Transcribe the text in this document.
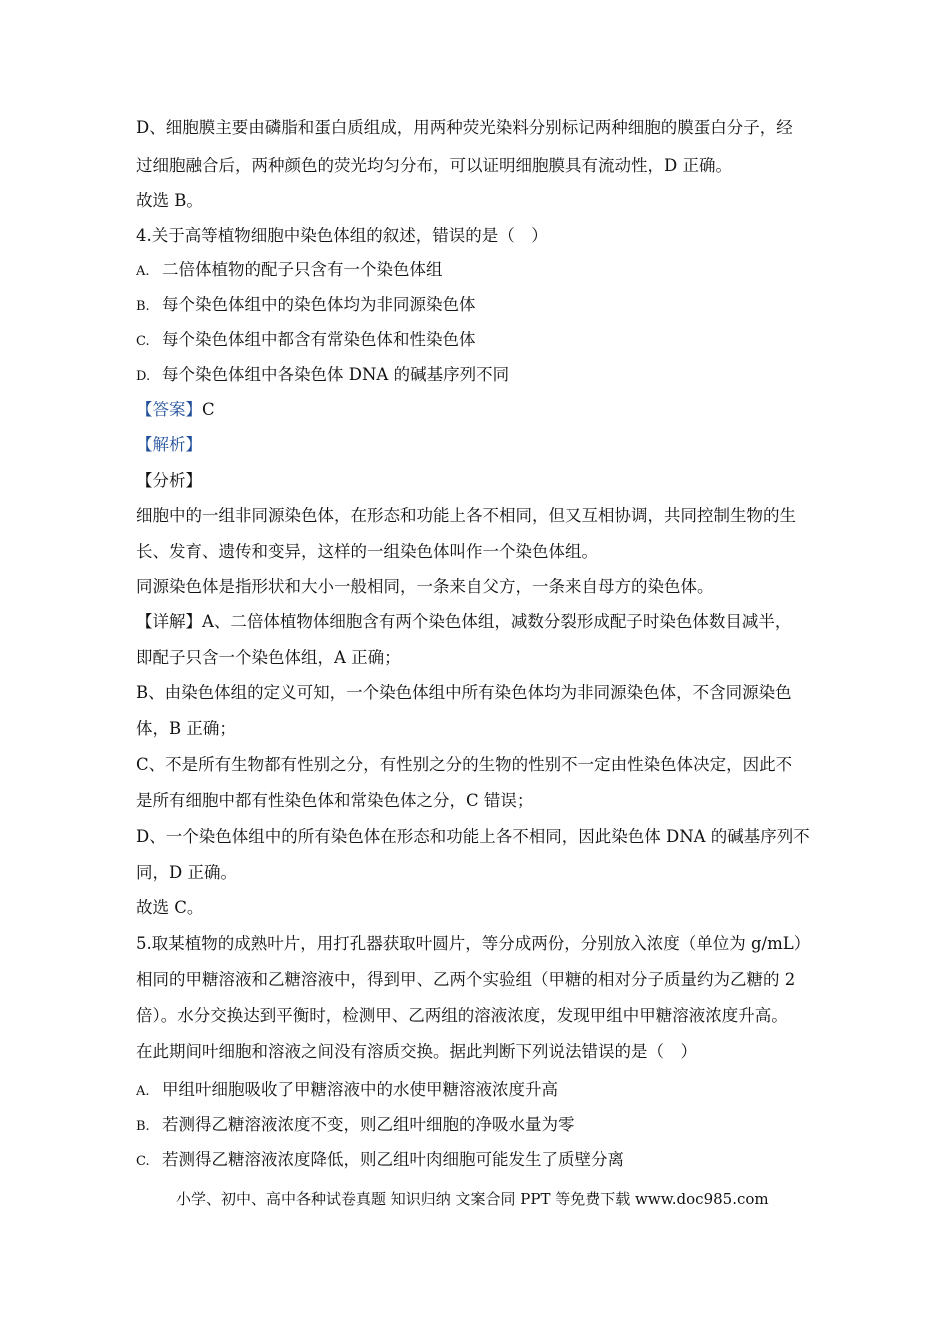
D、细胞膜主要由磷脂和蛋白质组成，用两种荧光染料分别标记两种细胞的膜蛋白分子，经
过细胞融合后，两种颜色的荧光均匀分布，可以证明细胞膜具有流动性，D 正确。
故选 B。
4.关于高等植物细胞中染色体组的叙述，错误的是（　）
A. 二倍体植物的配子只含有一个染色体组
B. 每个染色体组中的染色体均为非同源染色体
C. 每个染色体组中都含有常染色体和性染色体
D. 每个染色体组中各染色体 DNA 的碱基序列不同
【答案】C
【解析】
【分析】
细胞中的一组非同源染色体，在形态和功能上各不相同，但又互相协调，共同控制生物的生
长、发育、遗传和变异，这样的一组染色体叫作一个染色体组。
同源染色体是指形状和大小一般相同，一条来自父方，一条来自母方的染色体。
【详解】A、二倍体植物体细胞含有两个染色体组，减数分裂形成配子时染色体数目减半，
即配子只含一个染色体组，A 正确；
B、由染色体组的定义可知，一个染色体组中所有染色体均为非同源染色体，不含同源染色
体，B 正确；
C、不是所有生物都有性别之分，有性别之分的生物的性别不一定由性染色体决定，因此不
是所有细胞中都有性染色体和常染色体之分，C 错误；
D、一个染色体组中的所有染色体在形态和功能上各不相同，因此染色体 DNA 的碱基序列不
同，D 正确。
故选 C。
5.取某植物的成熟叶片，用打孔器获取叶圆片，等分成两份，分别放入浓度（单位为 g/mL）
相同的甲糖溶液和乙糖溶液中，得到甲、乙两个实验组（甲糖的相对分子质量约为乙糖的 2
倍）。水分交换达到平衡时，检测甲、乙两组的溶液浓度，发现甲组中甲糖溶液浓度升高。
在此期间叶细胞和溶液之间没有溶质交换。据此判断下列说法错误的是（　）
A. 甲组叶细胞吸收了甲糖溶液中的水使甲糖溶液浓度升高
B. 若测得乙糖溶液浓度不变，则乙组叶细胞的净吸水量为零
C. 若测得乙糖溶液浓度降低，则乙组叶肉细胞可能发生了质壁分离
小学、初中、高中各种试卷真题 知识归纳 文案合同 PPT 等免费下载 www.doc985.com
